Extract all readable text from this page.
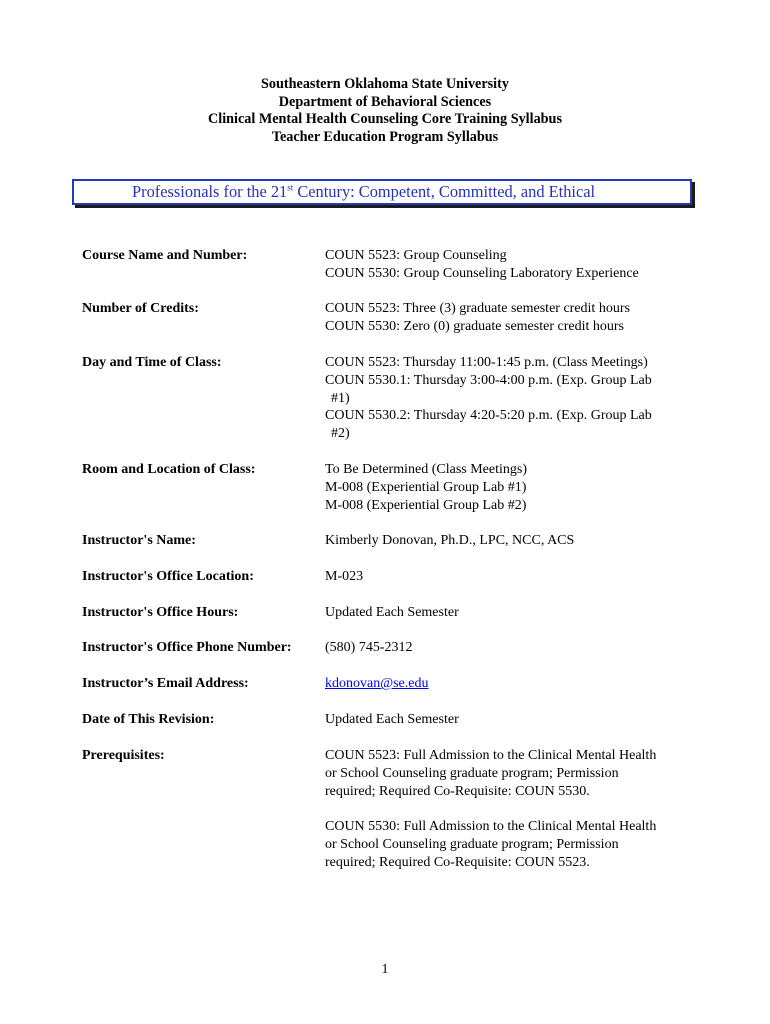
Southeastern Oklahoma State University
Department of Behavioral Sciences
Clinical Mental Health Counseling Core Training Syllabus
Teacher Education Program Syllabus
Professionals for the 21st Century: Competent, Committed, and Ethical
Course Name and Number:	COUN 5523: Group Counseling
COUN 5530: Group Counseling Laboratory Experience
Number of Credits:	COUN 5523: Three (3) graduate semester credit hours
COUN 5530: Zero (0) graduate semester credit hours
Day and Time of Class:	COUN 5523: Thursday 11:00-1:45 p.m. (Class Meetings)
COUN 5530.1: Thursday 3:00-4:00 p.m. (Exp. Group Lab
#1)
COUN 5530.2: Thursday 4:20-5:20 p.m. (Exp. Group Lab
#2)
Room and Location of Class:	To Be Determined (Class Meetings)
M-008 (Experiential Group Lab #1)
M-008 (Experiential Group Lab #2)
Instructor's Name:	Kimberly Donovan, Ph.D., LPC, NCC, ACS
Instructor's Office Location:	M-023
Instructor's Office Hours:	Updated Each Semester
Instructor's Office Phone Number: (580) 745-2312
Instructor’s Email Address:	kdonovan@se.edu
Date of This Revision:	Updated Each Semester
Prerequisites:	COUN 5523: Full Admission to the Clinical Mental Health
or School Counseling graduate program; Permission
required; Required Co-Requisite: COUN 5530.
COUN 5530: Full Admission to the Clinical Mental Health
or School Counseling graduate program; Permission
required; Required Co-Requisite: COUN 5523.
1
